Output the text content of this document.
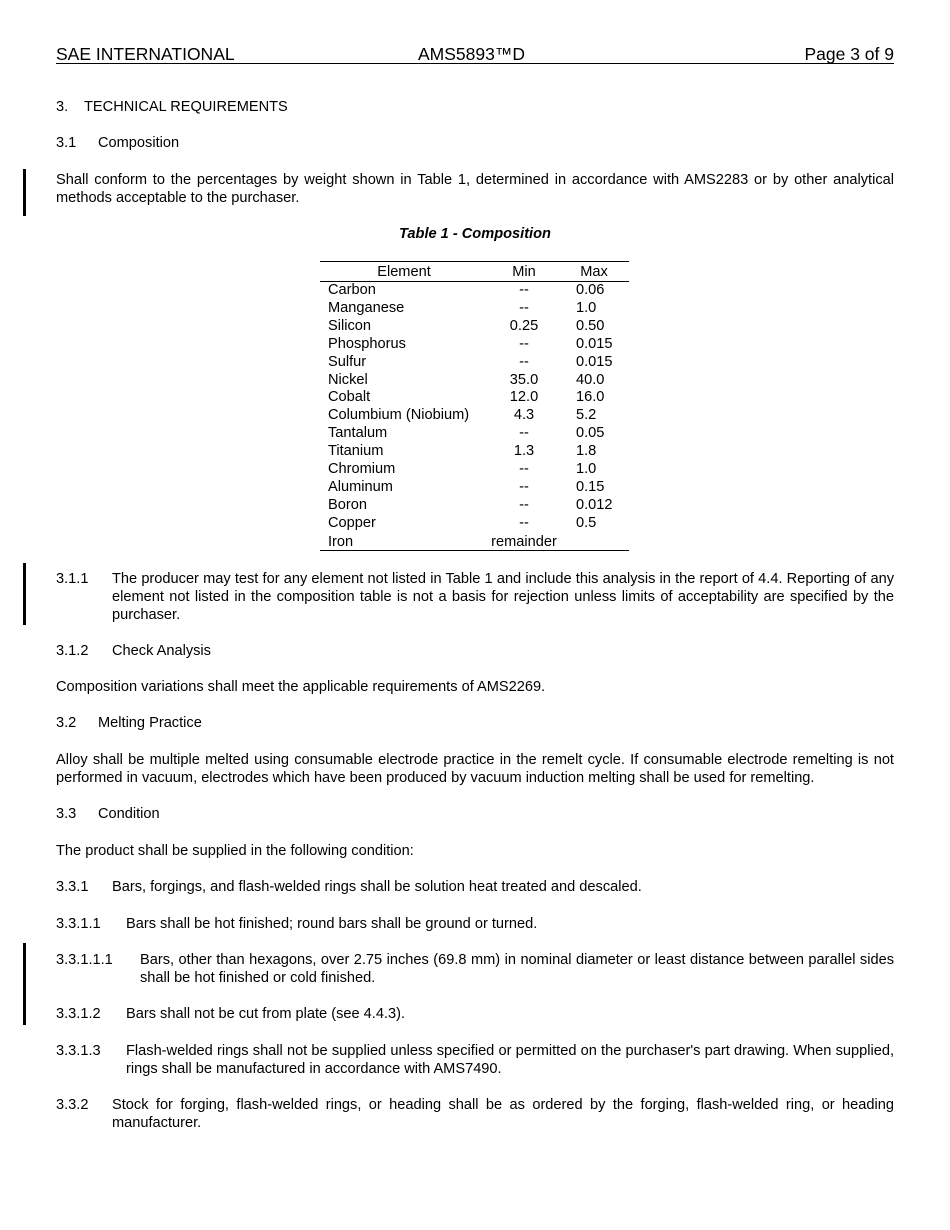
SAE INTERNATIONAL	AMS5893™D	Page 3 of 9
3. TECHNICAL REQUIREMENTS
3.1 Composition
Shall conform to the percentages by weight shown in Table 1, determined in accordance with AMS2283 or by other analytical methods acceptable to the purchaser.
Table 1 - Composition
Element	Min	Max
Carbon	--	0.06
Manganese	--	1.0
Silicon	0.25	0.50
Phosphorus	--	0.015
Sulfur	--	0.015
Nickel	35.0	40.0
Cobalt	12.0	16.0
Columbium (Niobium)	4.3	5.2
Tantalum	--	0.05
Titanium	1.3	1.8
Chromium	--	1.0
Aluminum	--	0.15
Boron	--	0.012
Copper	--	0.5
Iron	remainder
3.1.1 The producer may test for any element not listed in Table 1 and include this analysis in the report of 4.4. Reporting of any element not listed in the composition table is not a basis for rejection unless limits of acceptability are specified by the purchaser.
3.1.2 Check Analysis
Composition variations shall meet the applicable requirements of AMS2269.
3.2 Melting Practice
Alloy shall be multiple melted using consumable electrode practice in the remelt cycle. If consumable electrode remelting is not performed in vacuum, electrodes which have been produced by vacuum induction melting shall be used for remelting.
3.3 Condition
The product shall be supplied in the following condition:
3.3.1 Bars, forgings, and flash-welded rings shall be solution heat treated and descaled.
3.3.1.1 Bars shall be hot finished; round bars shall be ground or turned.
3.3.1.1.1 Bars, other than hexagons, over 2.75 inches (69.8 mm) in nominal diameter or least distance between parallel sides shall be hot finished or cold finished.
3.3.1.2 Bars shall not be cut from plate (see 4.4.3).
3.3.1.3 Flash-welded rings shall not be supplied unless specified or permitted on the purchaser's part drawing. When supplied, rings shall be manufactured in accordance with AMS7490.
3.3.2 Stock for forging, flash-welded rings, or heading shall be as ordered by the forging, flash-welded ring, or heading manufacturer.
